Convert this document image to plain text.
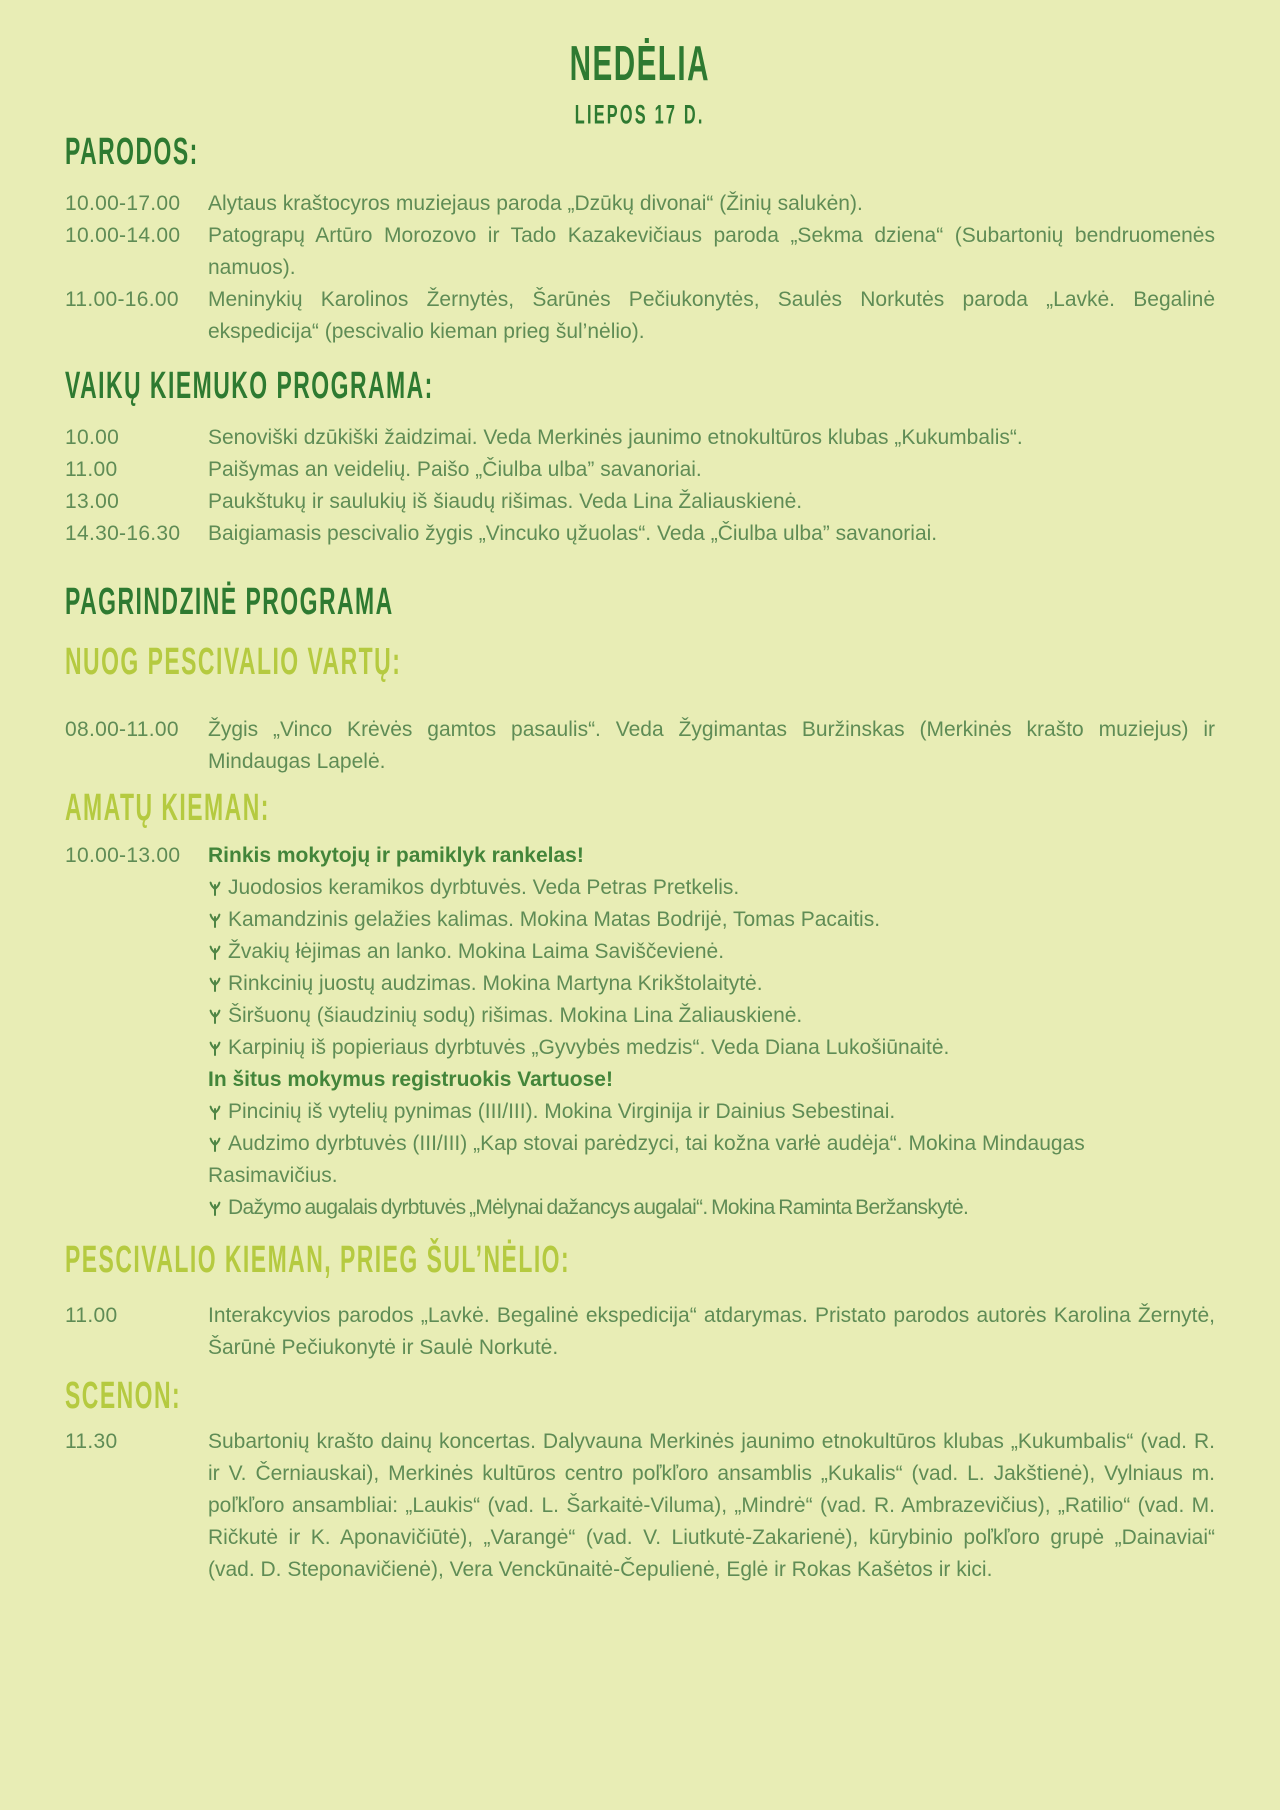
NEDĖLIA
LIEPOS 17 D.
PARODOS:
10.00-17.00	Alytaus kraštocyros muziejaus paroda „Dzūkų divonai“ (Žinių salukėn).
10.00-14.00	Patograpų Artūro Morozovo ir Tado Kazakevičiaus paroda „Sekma dziena“ (Subartonių bendruomenės namuos).
11.00-16.00	Meninykių Karolinos Žernytės, Šarūnės Pečiukonytės, Saulės Norkutės paroda „Lavkė. Begalinė ekspedicija“ (pescivalio kieman prieg šul’nėlio).
VAIKŲ KIEMUKO PROGRAMA:
10.00	Senoviški dzūkiški žaidzimai. Veda Merkinės jaunimo etnokultūros klubas „Kukumbalis“.
11.00	Paišymas an veidelių. Paišo „Čiulba ulba” savanoriai.
13.00	Paukštukų ir saulukių iš šiaudų rišimas. Veda Lina Žaliauskienė.
14.30-16.30	Baigiamasis pescivalio žygis „Vincuko ųžuolas“. Veda „Čiulba ulba” savanoriai.
PAGRINDZINĖ PROGRAMA
NUOG PESCIVALIO VARTŲ:
08.00-11.00	Žygis „Vinco Krėvės gamtos pasaulis“. Veda Žygimantas Buržinskas (Merkinės krašto muziejus) ir Mindaugas Lapelė.
AMATŲ KIEMAN:
10.00-13.00	Rinkis mokytojų ir pamiklyk rankelas!
Juodosios keramikos dyrbtuvės. Veda Petras Pretkelis.
Kamandzinis gelažies kalimas. Mokina Matas Bodrijė, Tomas Pacaitis.
Žvakių łėjimas an lanko. Mokina Laima Saviščevienė.
Rinkcinių juostų audzimas. Mokina Martyna Krikštolaitytė.
Širšuonų (šiaudzinių sodų) rišimas. Mokina Lina Žaliauskienė.
Karpinių iš popieriaus dyrbtuvės „Gyvybės medzis“. Veda Diana Lukošiūnaitė.
In šitus mokymus registruokis Vartuose!
Pincinių iš vytelių pynimas (III/III). Mokina Virginija ir Dainius Sebestinai.
Audzimo dyrbtuvės (III/III) „Kap stovai parėdzyci, tai kožna varłė audėja“. Mokina Mindaugas Rasimavičius.
Dažymo augalais dyrbtuvės „Mėlynai dažancys augalai“. Mokina Raminta Beržanskytė.
PESCIVALIO KIEMAN, PRIEG ŠUL’NĖLIO:
11.00	Interakcyvios parodos „Lavkė. Begalinė ekspedicija“ atdarymas. Pristato parodos autorės Karolina Žernytė, Šarūnė Pečiukonytė ir Saulė Norkutė.
SCENON:
11.30	Subartonių krašto dainų koncertas. Dalyvauna Merkinės jaunimo etnokultūros klubas „Kukumbalis“ (vad. R. ir V. Černiauskai), Merkinės kultūros centro poľkľoro ansamblis „Kukalis“ (vad. L. Jakštienė), Vylniaus m. poľkľoro ansambliai: „Laukis“ (vad. L. Šarkaitė-Viluma), „Mindrė“ (vad. R. Ambrazevičius), „Ratilio“ (vad. M. Ričkutė ir K. Aponavičiūtė), „Varangė“ (vad. V. Liutkutė-Zakarienė), kūrybinio poľkľoro grupė „Dainaviai“ (vad. D. Steponavičienė), Vera Venckūnaitė-Čepulienė, Eglė ir Rokas Kašėtos ir kici.
